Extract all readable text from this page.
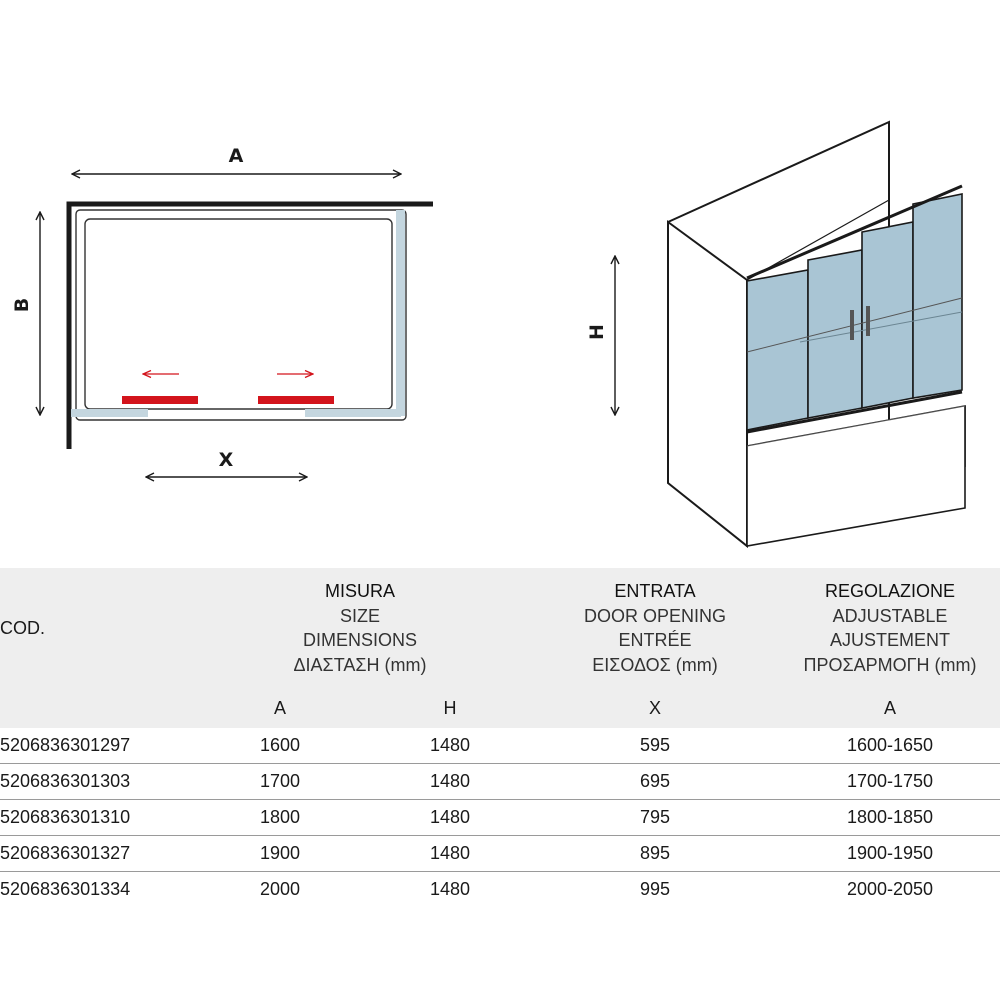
A
B
X
H
COD.	MISURA
SIZE
DIMENSIONS
ΔΙΑΣΤΑΣΗ (mm)		ENTRATA
DOOR OPENING
ENTRÉE
ΕΙΣΟΔΟΣ (mm)	REGOLAZIONE
ADJUSTABLE
AJUSTEMENT
ΠΡΟΣΑΡΜΟΓΗ (mm)

	A	H	X	A
5206836301297	1600	1480	595	1600-1650
5206836301303	1700	1480	695	1700-1750
5206836301310	1800	1480	795	1800-1850
5206836301327	1900	1480	895	1900-1950
5206836301334	2000	1480	995	2000-2050
